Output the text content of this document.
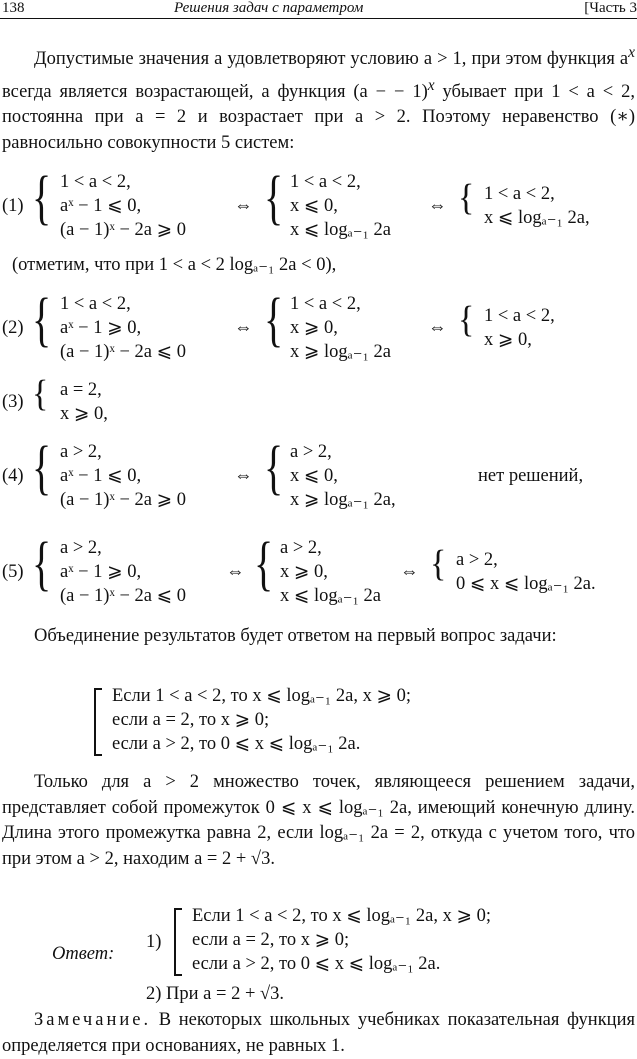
138	Решения задач с параметром	[Часть 3

Допустимые значения a удовлетворяют условию a > 1, при этом функция $a^x$ всегда является возрастающей, а функция (a − − 1)$^x$ убывает при 1 < a < 2, постоянна при a = 2 и возрастает при a > 2. Поэтому неравенство (∗) равносильно совокупности 5 систем:

(1) { 1 < a < 2,
aˣ − 1 ⩽ 0,
(a − 1)ˣ − 2a ⩾ 0
⇔ { 1 < a < 2,
x ⩽ 0,
x ⩽ logₐ₋₁ 2a
⇔ { 1 < a < 2,
x ⩽ logₐ₋₁ 2a,
(отметим, что при 1 < a < 2 logₐ₋₁ 2a < 0),
(2) { 1 < a < 2,
aˣ − 1 ⩾ 0,
(a − 1)ˣ − 2a ⩽ 0
⇔ { 1 < a < 2,
x ⩾ 0,
x ⩾ logₐ₋₁ 2a
⇔ { 1 < a < 2,
x ⩾ 0,
(3) { a = 2,
x ⩾ 0,
(4) { a > 2,
aˣ − 1 ⩽ 0,
(a − 1)ˣ − 2a ⩾ 0
⇔ { a > 2,
x ⩽ 0,
x ⩾ logₐ₋₁ 2a,
нет решений,
(5) { a > 2,
aˣ − 1 ⩾ 0,
(a − 1)ˣ − 2a ⩽ 0
⇔ { a > 2,
x ⩾ 0,
x ⩽ logₐ₋₁ 2a
⇔ { a > 2,
0 ⩽ x ⩽ logₐ₋₁ 2a.

Объединение результатов будет ответом на первый вопрос задачи:

Если 1 < a < 2, то x ⩽ logₐ₋₁ 2a, x ⩾ 0;
если a = 2, то x ⩾ 0;
если a > 2, то 0 ⩽ x ⩽ logₐ₋₁ 2a.

Только для a > 2 множество точек, являющееся решением задачи, представляет собой промежуток 0 ⩽ x ⩽ logₐ₋₁ 2a, имеющий конечную длину. Длина этого промежутка равна 2, если logₐ₋₁ 2a = 2, откуда с учетом того, что при этом a > 2, находим a = 2 + √3.

Ответ:
1)
Если 1 < a < 2, то x ⩽ logₐ₋₁ 2a, x ⩾ 0;
если a = 2, то x ⩾ 0;
если a > 2, то 0 ⩽ x ⩽ logₐ₋₁ 2a.
2) При a = 2 + √3.

Замечание. В некоторых школьных учебниках показательная функция определяется при основаниях, не равных 1.
